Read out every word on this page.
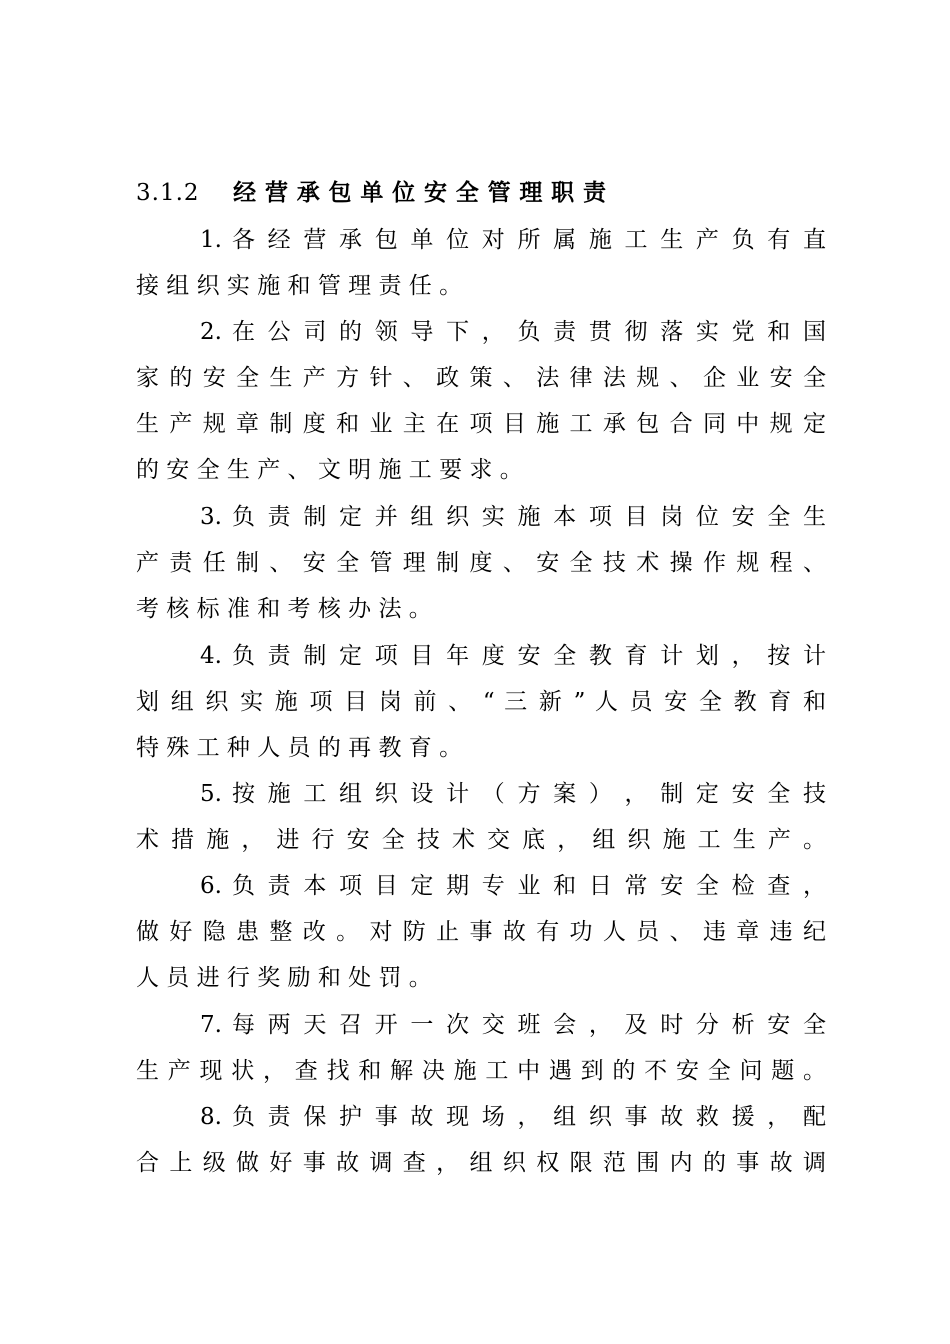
3.1.2 经 营 承 包 单 位 安 全 管 理 职 责
1. 各 经 营 承 包 单 位 对 所 属 施 工 生 产 负 有 直
接 组 织 实 施 和 管 理 责 任 。
2. 在 公 司 的 领 导 下 ， 负 责 贯 彻 落 实 党 和 国
家 的 安 全 生 产 方 针 、 政 策 、 法 律 法 规 、 企 业 安 全
生 产 规 章 制 度 和 业 主 在 项 目 施 工 承 包 合 同 中 规 定
的 安 全 生 产 、 文 明 施 工 要 求 。
3. 负 责 制 定 并 组 织 实 施 本 项 目 岗 位 安 全 生
产 责 任 制 、 安 全 管 理 制 度 、 安 全 技 术 操 作 规 程 、
考 核 标 准 和 考 核 办 法 。
4. 负 责 制 定 项 目 年 度 安 全 教 育 计 划 ， 按 计
划 组 织 实 施 项 目 岗 前 、 “ 三 新 ” 人 员 安 全 教 育 和
特 殊 工 种 人 员 的 再 教 育 。
5. 按 施 工 组 织 设 计 （ 方 案 ） ， 制 定 安 全 技
术 措 施 ， 进 行 安 全 技 术 交 底 ， 组 织 施 工 生 产 。
6. 负 责 本 项 目 定 期 专 业 和 日 常 安 全 检 查 ，
做 好 隐 患 整 改 。 对 防 止 事 故 有 功 人 员 、 违 章 违 纪
人 员 进 行 奖 励 和 处 罚 。
7. 每 两 天 召 开 一 次 交 班 会 ， 及 时 分 析 安 全
生 产 现 状 ， 查 找 和 解 决 施 工 中 遇 到 的 不 安 全 问 题 。
8. 负 责 保 护 事 故 现 场 ， 组 织 事 故 救 援 ， 配
合 上 级 做 好 事 故 调 查 ， 组 织 权 限 范 围 内 的 事 故 调
